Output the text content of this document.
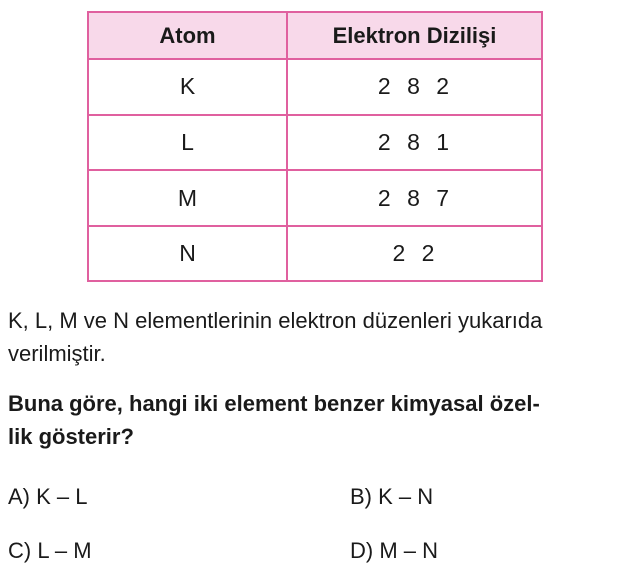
Atom	Elektron Dizilişi
K	2 8 2
L	2 8 1
M	2 8 7
N	2 2

K, L, M ve N elementlerinin elektron düzenleri yukarıda verilmiştir.

Buna göre, hangi iki element benzer kimyasal özel-
lik gösterir?

A) K – L	B) K – N
C) L – M	D) M – N
